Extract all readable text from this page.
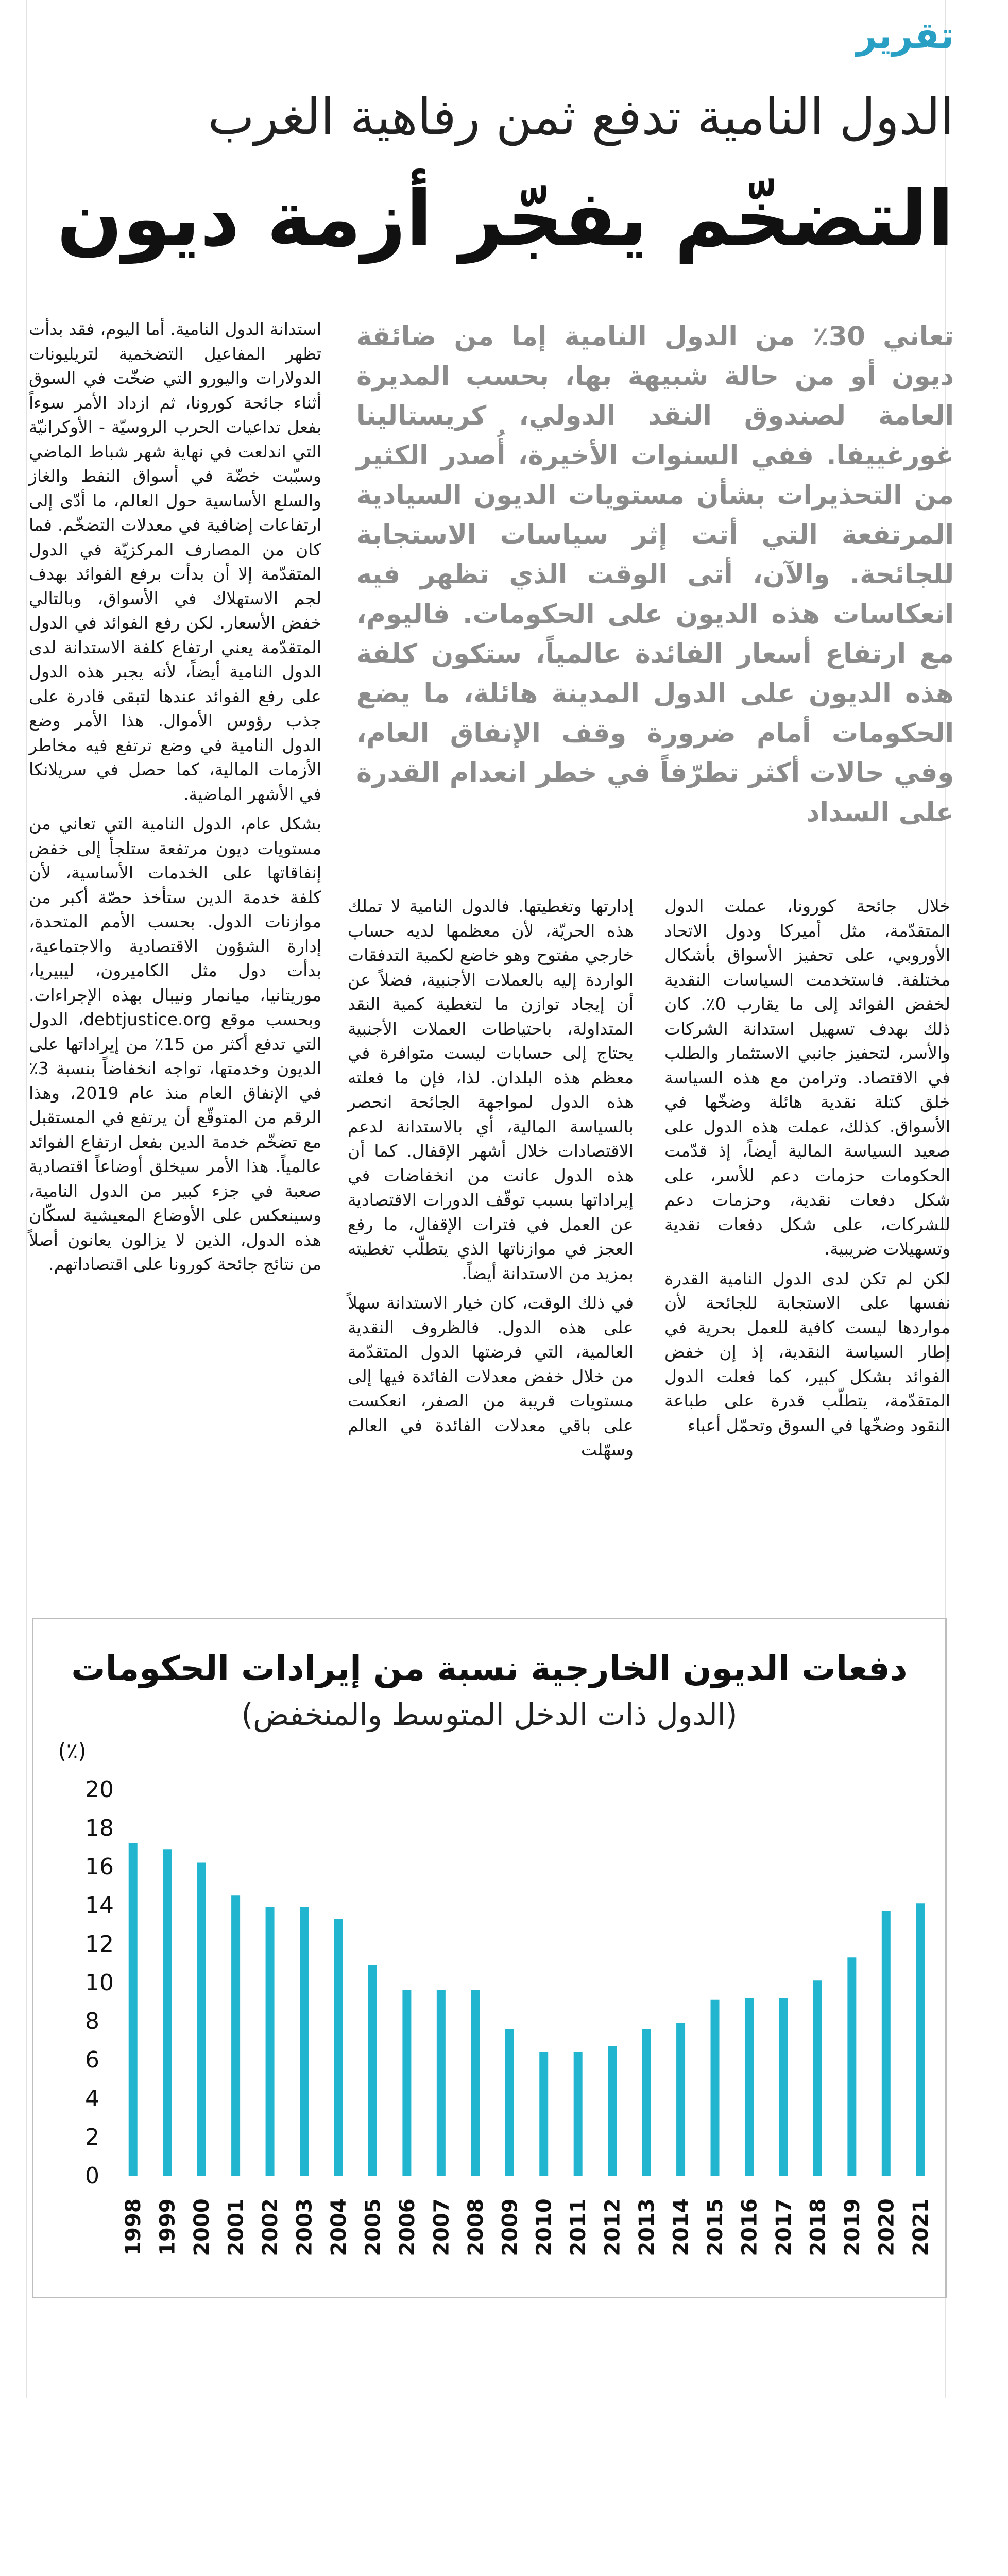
تقرير
الدول النامية تدفع ثمن رفاهية الغرب
التضخّم يفجّر أزمة ديون

تعاني 30٪ من الدول النامية إما من ضائقة ديون أو من حالة شبيهة بها، بحسب المديرة العامة لصندوق النقد الدولي، كريستالينا غورغييفا. ففي السنوات الأخيرة، أُصدر الكثير من التحذيرات بشأن مستويات الديون السيادية المرتفعة التي أتت إثر سياسات الاستجابة للجائحة. والآن، أتى الوقت الذي تظهر فيه انعكاسات هذه الديون على الحكومات. فاليوم، مع ارتفاع أسعار الفائدة عالمياً، ستكون كلفة هذه الديون على الدول المدينة هائلة، ما يضع الحكومات أمام ضرورة وقف الإنفاق العام، وفي حالات أكثر تطرّفاً في خطر انعدام القدرة على السداد

استدانة الدول النامية. أما اليوم، فقد بدأت تظهر المفاعيل التضخمية لتريليونات الدولارات واليورو التي ضخّت في السوق أثناء جائحة كورونا، ثم ازداد الأمر سوءاً بفعل تداعيات الحرب الروسيّة - الأوكرانيّة التي اندلعت في نهاية شهر شباط الماضي وسبّبت خضّة في أسواق النفط والغاز والسلع الأساسية حول العالم، ما أدّى إلى ارتفاعات إضافية في معدلات التضخّم. فما كان من المصارف المركزيّة في الدول المتقدّمة إلا أن بدأت برفع الفوائد بهدف لجم الاستهلاك في الأسواق، وبالتالي خفض الأسعار. لكن رفع الفوائد في الدول المتقدّمة يعني ارتفاع كلفة الاستدانة لدى الدول النامية أيضاً، لأنه يجبر هذه الدول على رفع الفوائد عندها لتبقى قادرة على جذب رؤوس الأموال. هذا الأمر وضع الدول النامية في وضع ترتفع فيه مخاطر الأزمات المالية، كما حصل في سريلانكا في الأشهر الماضية.

بشكل عام، الدول النامية التي تعاني من مستويات ديون مرتفعة ستلجأ إلى خفض إنفاقاتها على الخدمات الأساسية، لأن كلفة خدمة الدين ستأخذ حصّة أكبر من موازنات الدول. بحسب الأمم المتحدة، إدارة الشؤون الاقتصادية والاجتماعية، بدأت دول مثل الكاميرون، ليبيريا، موريتانيا، ميانمار ونيبال بهذه الإجراءات. وبحسب موقع debtjustice.org، الدول التي تدفع أكثر من 15٪ من إيراداتها على الديون وخدمتها، تواجه انخفاضاً بنسبة 3٪ في الإنفاق العام منذ عام 2019، وهذا الرقم من المتوقّع أن يرتفع في المستقبل مع تضخّم خدمة الدين بفعل ارتفاع الفوائد عالمياً. هذا الأمر سيخلق أوضاعاً اقتصادية صعبة في جزء كبير من الدول النامية، وسينعكس على الأوضاع المعيشية لسكّان هذه الدول، الذين لا يزالون يعانون أصلاً من نتائج جائحة كورونا على اقتصاداتهم.

إدارتها وتغطيتها. فالدول النامية لا تملك هذه الحريّة، لأن معظمها لديه حساب خارجي مفتوح وهو خاضع لكمية التدفقات الواردة إليه بالعملات الأجنبية، فضلاً عن أن إيجاد توازن ما لتغطية كمية النقد المتداولة، باحتياطات العملات الأجنبية يحتاج إلى حسابات ليست متوافرة في معظم هذه البلدان. لذا، فإن ما فعلته هذه الدول لمواجهة الجائحة انحصر بالسياسة المالية، أي بالاستدانة لدعم الاقتصادات خلال أشهر الإقفال. كما أن هذه الدول عانت من انخفاضات في إيراداتها بسبب توقّف الدورات الاقتصادية عن العمل في فترات الإقفال، ما رفع العجز في موازناتها الذي يتطلّب تغطيته بمزيد من الاستدانة أيضاً.

في ذلك الوقت، كان خيار الاستدانة سهلاً على هذه الدول. فالظروف النقدية العالمية، التي فرضتها الدول المتقدّمة من خلال خفض معدلات الفائدة فيها إلى مستويات قريبة من الصفر، انعكست على باقي معدلات الفائدة في العالم وسهّلت

خلال جائحة كورونا، عملت الدول المتقدّمة، مثل أميركا ودول الاتحاد الأوروبي، على تحفيز الأسواق بأشكال مختلفة. فاستخدمت السياسات النقدية لخفض الفوائد إلى ما يقارب 0٪. كان ذلك بهدف تسهيل استدانة الشركات والأسر، لتحفيز جانبي الاستثمار والطلب في الاقتصاد. وترامن مع هذه السياسة خلق كتلة نقدية هائلة وضخّها في الأسواق. كذلك، عملت هذه الدول على صعيد السياسة المالية أيضاً، إذ قدّمت الحكومات حزمات دعم للأسر، على شكل دفعات نقدية، وحزمات دعم للشركات، على شكل دفعات نقدية وتسهيلات ضريبية.

لكن لم تكن لدى الدول النامية القدرة نفسها على الاستجابة للجائحة لأن مواردها ليست كافية للعمل بحرية في إطار السياسة النقدية، إذ إن خفض الفوائد بشكل كبير، كما فعلت الدول المتقدّمة، يتطلّب قدرة على طباعة النقود وضخّها في السوق وتحمّل أعباء

دفعات الديون الخارجية نسبة من إيرادات الحكومات
(الدول ذات الدخل المتوسط والمنخفض)
(٪)
0
2
4
6
8
10
12
14
16
18
20
1998 1999 2000 2001 2002 2003 2004 2005 2006 2007 2008 2009 2010 2011 2012 2013 2014 2015 2016 2017 2018 2019 2020 2021
